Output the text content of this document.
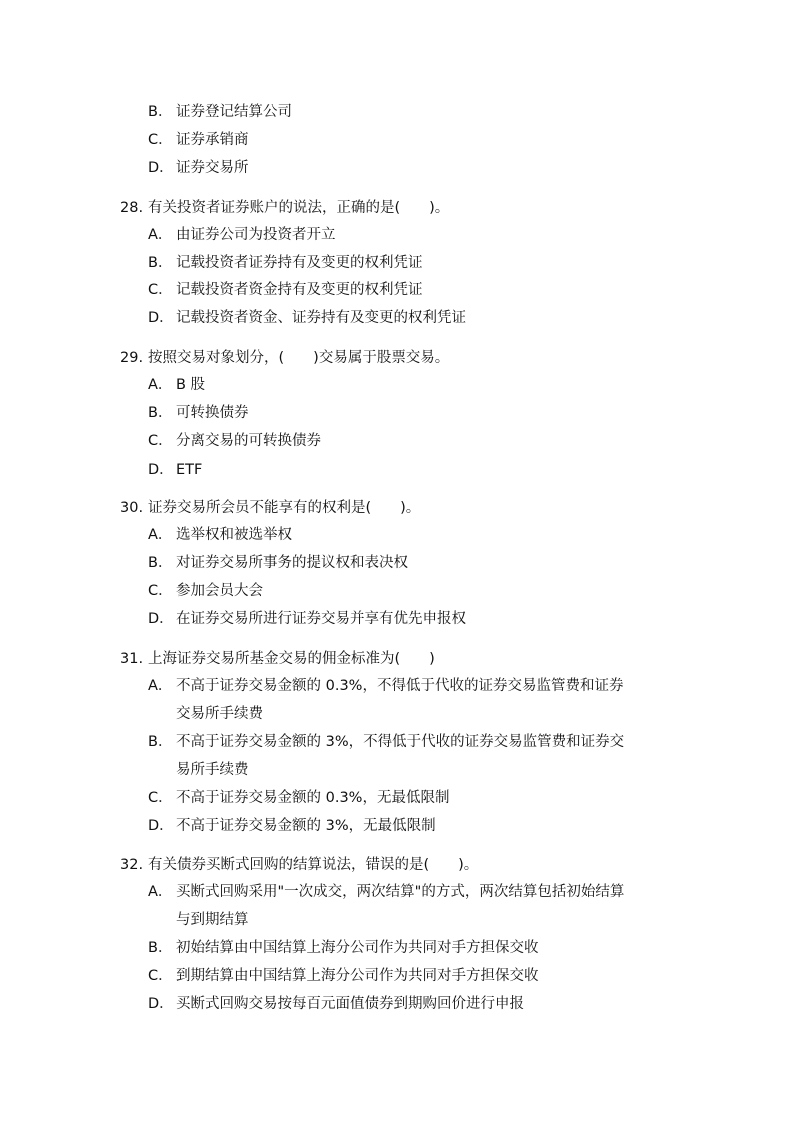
B． 证券登记结算公司
C． 证券承销商
D． 证券交易所
28. 有关投资者证券账户的说法，正确的是(　　)。
A． 由证券公司为投资者开立
B． 记载投资者证券持有及变更的权利凭证
C． 记载投资者资金持有及变更的权利凭证
D． 记载投资者资金、证券持有及变更的权利凭证
29. 按照交易对象划分，(　　)交易属于股票交易。
A． B 股
B． 可转换债券
C． 分离交易的可转换债券
D． ETF
30. 证券交易所会员不能享有的权利是(　　)。
A． 选举权和被选举权
B． 对证券交易所事务的提议权和表决权
C． 参加会员大会
D． 在证券交易所进行证券交易并享有优先申报权
31. 上海证券交易所基金交易的佣金标准为(　　)
A． 不高于证券交易金额的 0.3%，不得低于代收的证券交易监管费和证券
交易所手续费
B． 不高于证券交易金额的 3%，不得低于代收的证券交易监管费和证券交
易所手续费
C． 不高于证券交易金额的 0.3%，无最低限制
D． 不高于证券交易金额的 3%，无最低限制
32. 有关债券买断式回购的结算说法，错误的是(　　)。
A． 买断式回购采用"一次成交，两次结算"的方式，两次结算包括初始结算
与到期结算
B． 初始结算由中国结算上海分公司作为共同对手方担保交收
C． 到期结算由中国结算上海分公司作为共同对手方担保交收
D． 买断式回购交易按每百元面值债券到期购回价进行申报
